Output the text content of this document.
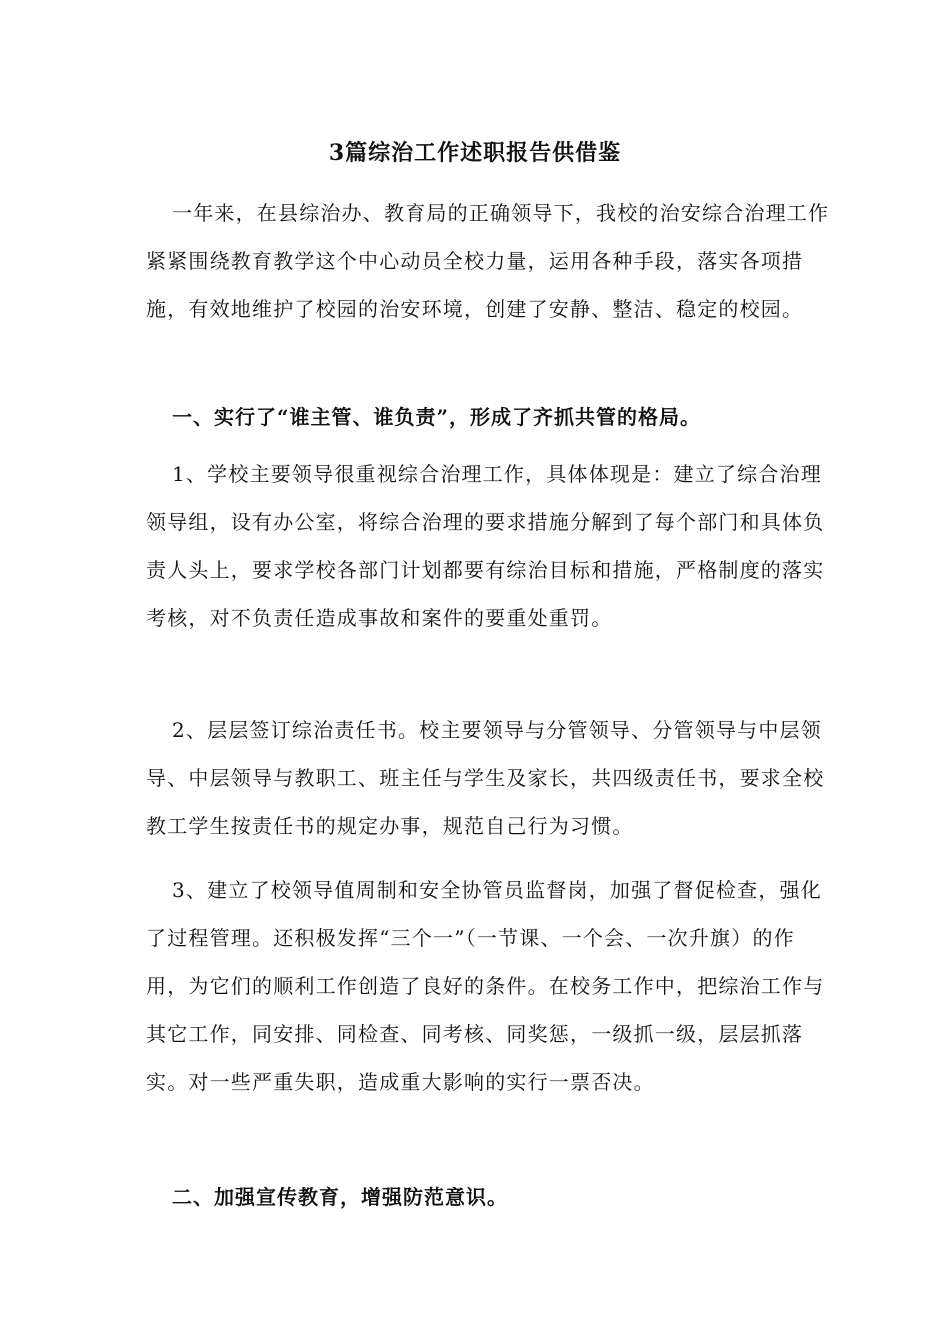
3篇综治工作述职报告供借鉴

一年来，在县综治办、教育局的正确领导下，我校的治安综合治理工作紧紧围绕教育教学这个中心动员全校力量，运用各种手段，落实各项措施，有效地维护了校园的治安环境，创建了安静、整洁、稳定的校园。

一、实行了“谁主管、谁负责”，形成了齐抓共管的格局。

1、学校主要领导很重视综合治理工作，具体体现是：建立了综合治理领导组，设有办公室，将综合治理的要求措施分解到了每个部门和具体负责人头上，要求学校各部门计划都要有综治目标和措施，严格制度的落实考核，对不负责任造成事故和案件的要重处重罚。

2、层层签订综治责任书。校主要领导与分管领导、分管领导与中层领导、中层领导与教职工、班主任与学生及家长，共四级责任书，要求全校教工学生按责任书的规定办事，规范自己行为习惯。

3、建立了校领导值周制和安全协管员监督岗，加强了督促检查，强化了过程管理。还积极发挥“三个一”（一节课、一个会、一次升旗）的作用，为它们的顺利工作创造了良好的条件。在校务工作中，把综治工作与其它工作，同安排、同检查、同考核、同奖惩，一级抓一级，层层抓落实。对一些严重失职，造成重大影响的实行一票否决。

二、加强宣传教育，增强防范意识。
